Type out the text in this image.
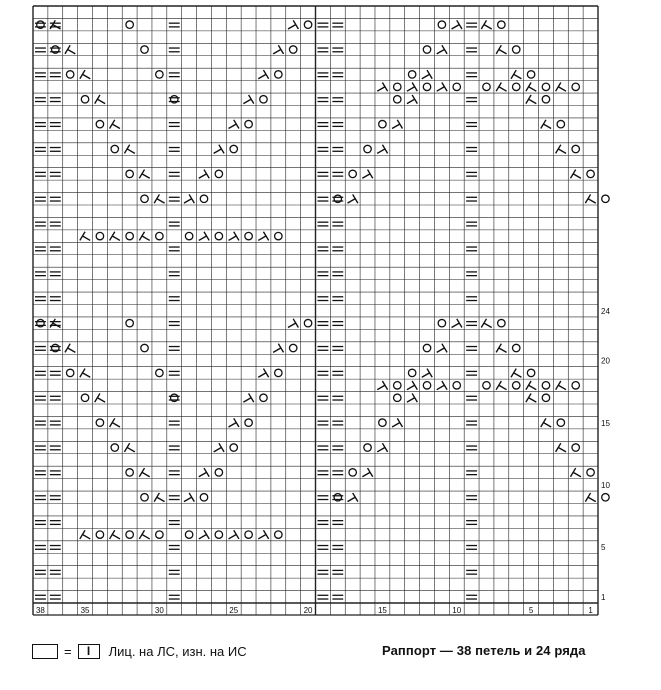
38	35	30	25	20	15	10	5	1
1
5
10
15
20
24
= I Лиц. на ЛС, изн. на ИС	Раппорт — 38 петель и 24 ряда
